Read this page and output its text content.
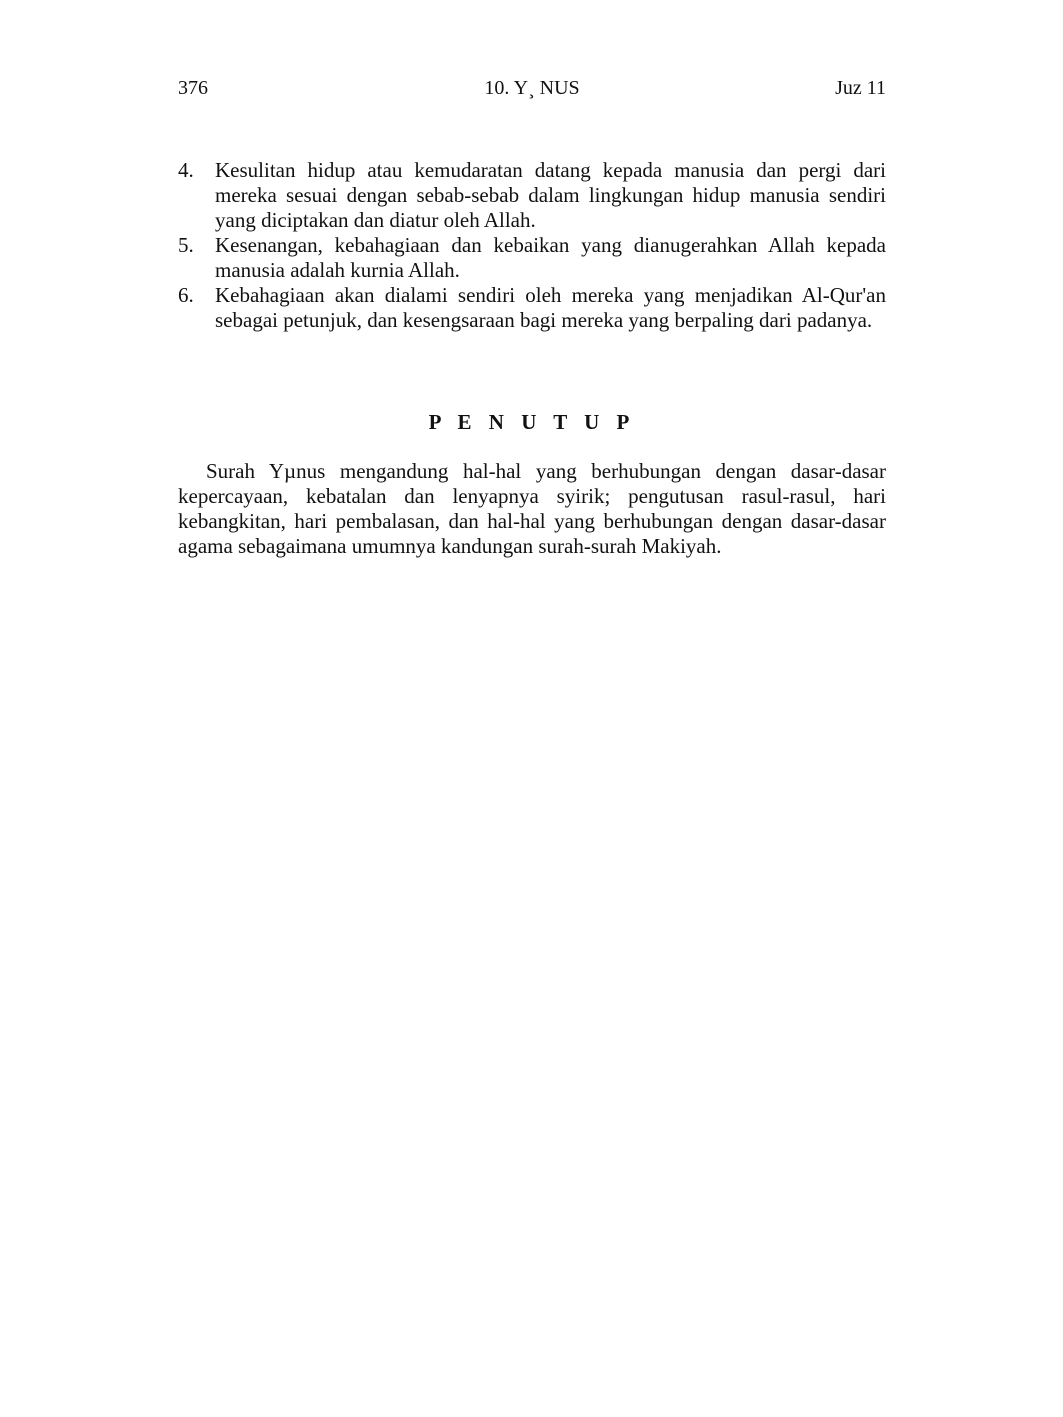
376	10. Y¸ NUS	Juz 11
4. Kesulitan hidup atau kemudaratan datang kepada manusia dan pergi dari mereka sesuai dengan sebab-sebab dalam lingkungan hidup manusia sendiri yang diciptakan dan diatur oleh Allah.
5. Kesenangan, kebahagiaan dan kebaikan yang dianugerahkan Allah kepada manusia adalah kurnia Allah.
6. Kebahagiaan akan dialami sendiri oleh mereka yang menjadikan Al-Qur'an sebagai petunjuk, dan kesengsaraan bagi mereka yang berpaling dari padanya.
P E N U T U P

Surah Yµnus mengandung hal-hal yang berhubungan dengan dasar-dasar kepercayaan, kebatalan dan lenyapnya syirik; pengutusan rasul-rasul, hari kebangkitan, hari pembalasan, dan hal-hal yang berhubungan dengan dasar-dasar agama sebagaimana umumnya kandungan surah-surah Makiyah.
